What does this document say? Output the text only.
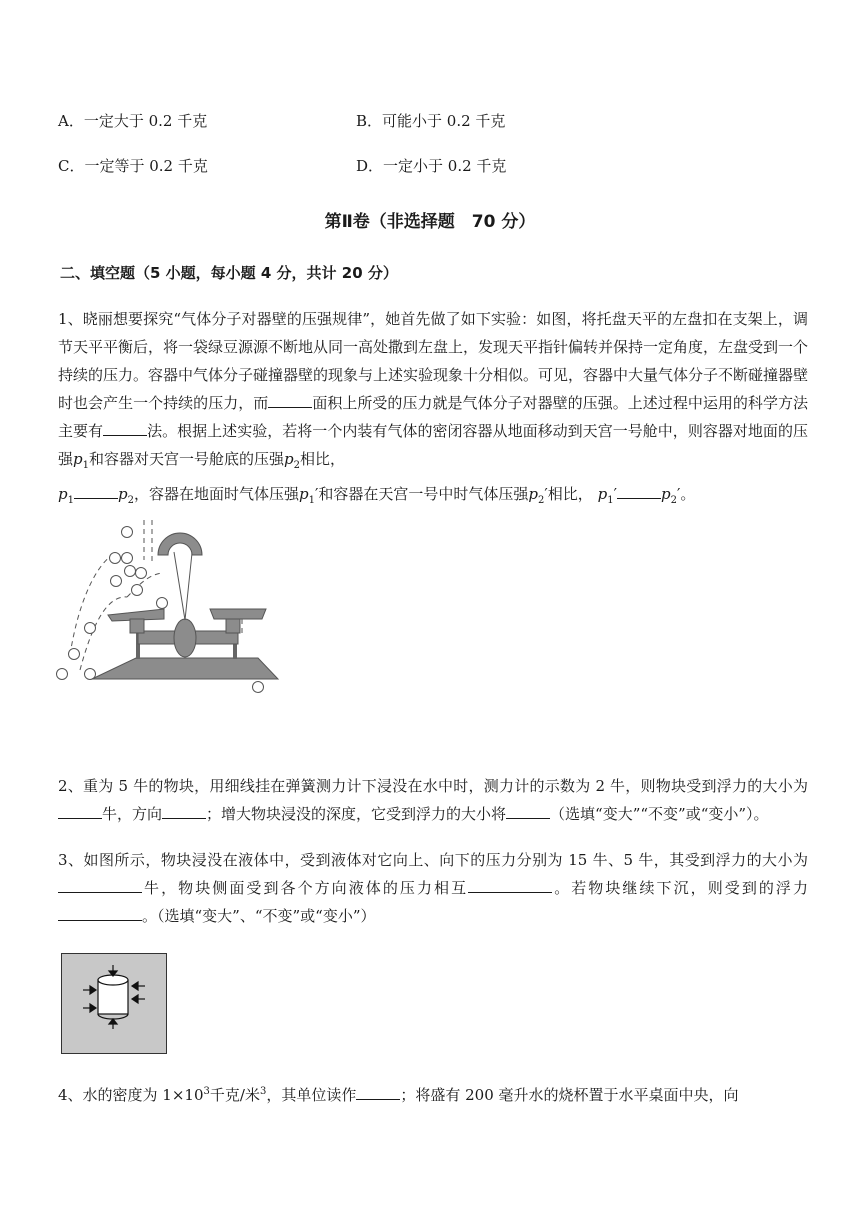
A．一定大于 0.2 千克	B．可能小于 0.2 千克
C．一定等于 0.2 千克	D．一定小于 0.2 千克
第Ⅱ卷（非选择题　70 分）
二、填空题（5 小题，每小题 4 分，共计 20 分）
1、晓丽想要探究“气体分子对器壁的压强规律”，她首先做了如下实验：如图，将托盘天平的左盘扣在支架上，调节天平平衡后，将一袋绿豆源源不断地从同一高处撒到左盘上，发现天平指针偏转并保持一定角度，左盘受到一个持续的压力。容器中气体分子碰撞器壁的现象与上述实验现象十分相似。可见，容器中大量气体分子不断碰撞器壁时也会产生一个持续的压力，而	面积上所受的压力就是气体分子对器壁的压强。上述过程中运用的科学方法主要有	法。根据上述实验，若将一个内装有气体的密闭容器从地面移动到天宫一号舱中，则容器对地面的压强$p_1$和容器对天宫一号舱底的压强$p_2$相比，
$p_1$	$p_2$，容器在地面时气体压强$p_1'$和容器在天宫一号中时气体压强$p_2'$相比， $p_1'$	$p_2'$。
2、重为 5 牛的物块，用细线挂在弹簧测力计下浸没在水中时，测力计的示数为 2 牛，则物块受到浮力的大小为牛，方向	；增大物块浸没的深度，它受到浮力的大小将	（选填“变大”“不变”或“变小”）。
3、如图所示，物块浸没在液体中，受到液体对它向上、向下的压力分别为 15 牛、5 牛，其受到浮力的大小为牛，物块侧面受到各个方向液体的压力相互	。若物块继续下沉，则受到的浮力。（选填“变大”、“不变”或“变小”）
4、水的密度为 $1\times 10^3$千克/米$^3$，其单位读作	；将盛有 200 毫升水的烧杯置于水平桌面中央，向
